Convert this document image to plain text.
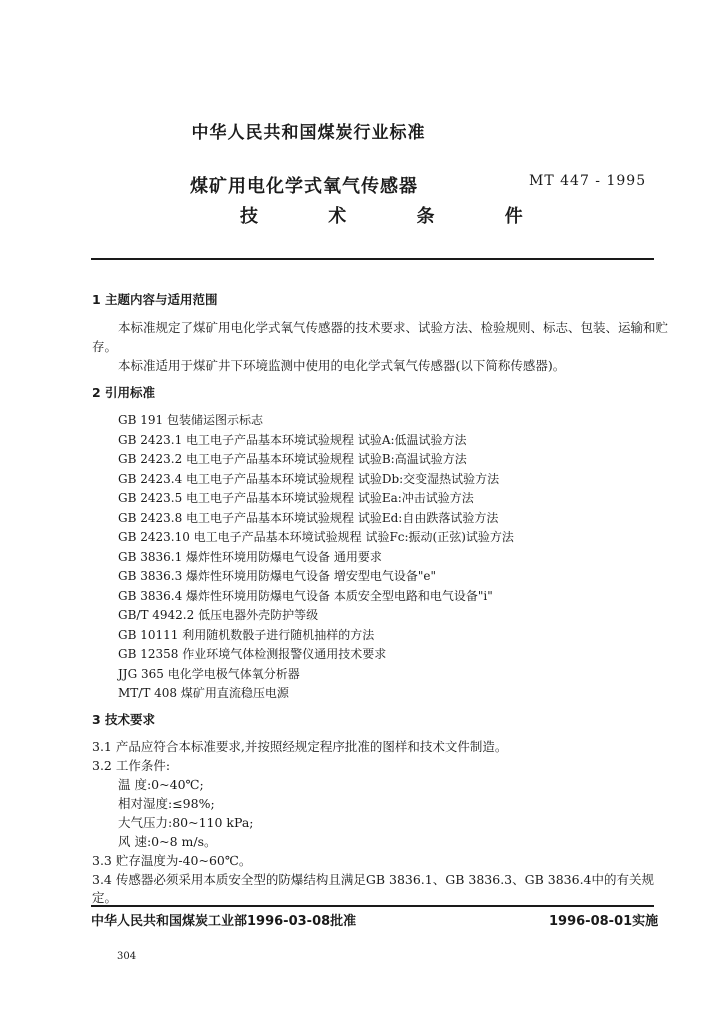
中华人民共和国煤炭行业标准
煤矿用电化学式氧气传感器
技 术 条 件
MT 447 - 1995
1 主题内容与适用范围
本标准规定了煤矿用电化学式氧气传感器的技术要求、试验方法、检验规则、标志、包装、运输和贮
存。
本标准适用于煤矿井下环境监测中使用的电化学式氧气传感器(以下简称传感器)。
2 引用标准
GB 191 包装储运图示标志
GB 2423.1 电工电子产品基本环境试验规程 试验A:低温试验方法
GB 2423.2 电工电子产品基本环境试验规程 试验B:高温试验方法
GB 2423.4 电工电子产品基本环境试验规程 试验Db:交变湿热试验方法
GB 2423.5 电工电子产品基本环境试验规程 试验Ea:冲击试验方法
GB 2423.8 电工电子产品基本环境试验规程 试验Ed:自由跌落试验方法
GB 2423.10 电工电子产品基本环境试验规程 试验Fc:振动(正弦)试验方法
GB 3836.1 爆炸性环境用防爆电气设备 通用要求
GB 3836.3 爆炸性环境用防爆电气设备 增安型电气设备"e"
GB 3836.4 爆炸性环境用防爆电气设备 本质安全型电路和电气设备"i"
GB/T 4942.2 低压电器外壳防护等级
GB 10111 利用随机数骰子进行随机抽样的方法
GB 12358 作业环境气体检测报警仪通用技术要求
JJG 365 电化学电极气体氧分析器
MT/T 408 煤矿用直流稳压电源
3 技术要求
3.1 产品应符合本标准要求,并按照经规定程序批准的图样和技术文件制造。
3.2 工作条件:
温 度:0~40℃;
相对湿度:≤98%;
大气压力:80~110 kPa;
风 速:0~8 m/s。
3.3 贮存温度为-40~60℃。
3.4 传感器必须采用本质安全型的防爆结构且满足GB 3836.1、GB 3836.3、GB 3836.4中的有关规
定。
中华人民共和国煤炭工业部1996-03-08批准	1996-08-01实施
304
